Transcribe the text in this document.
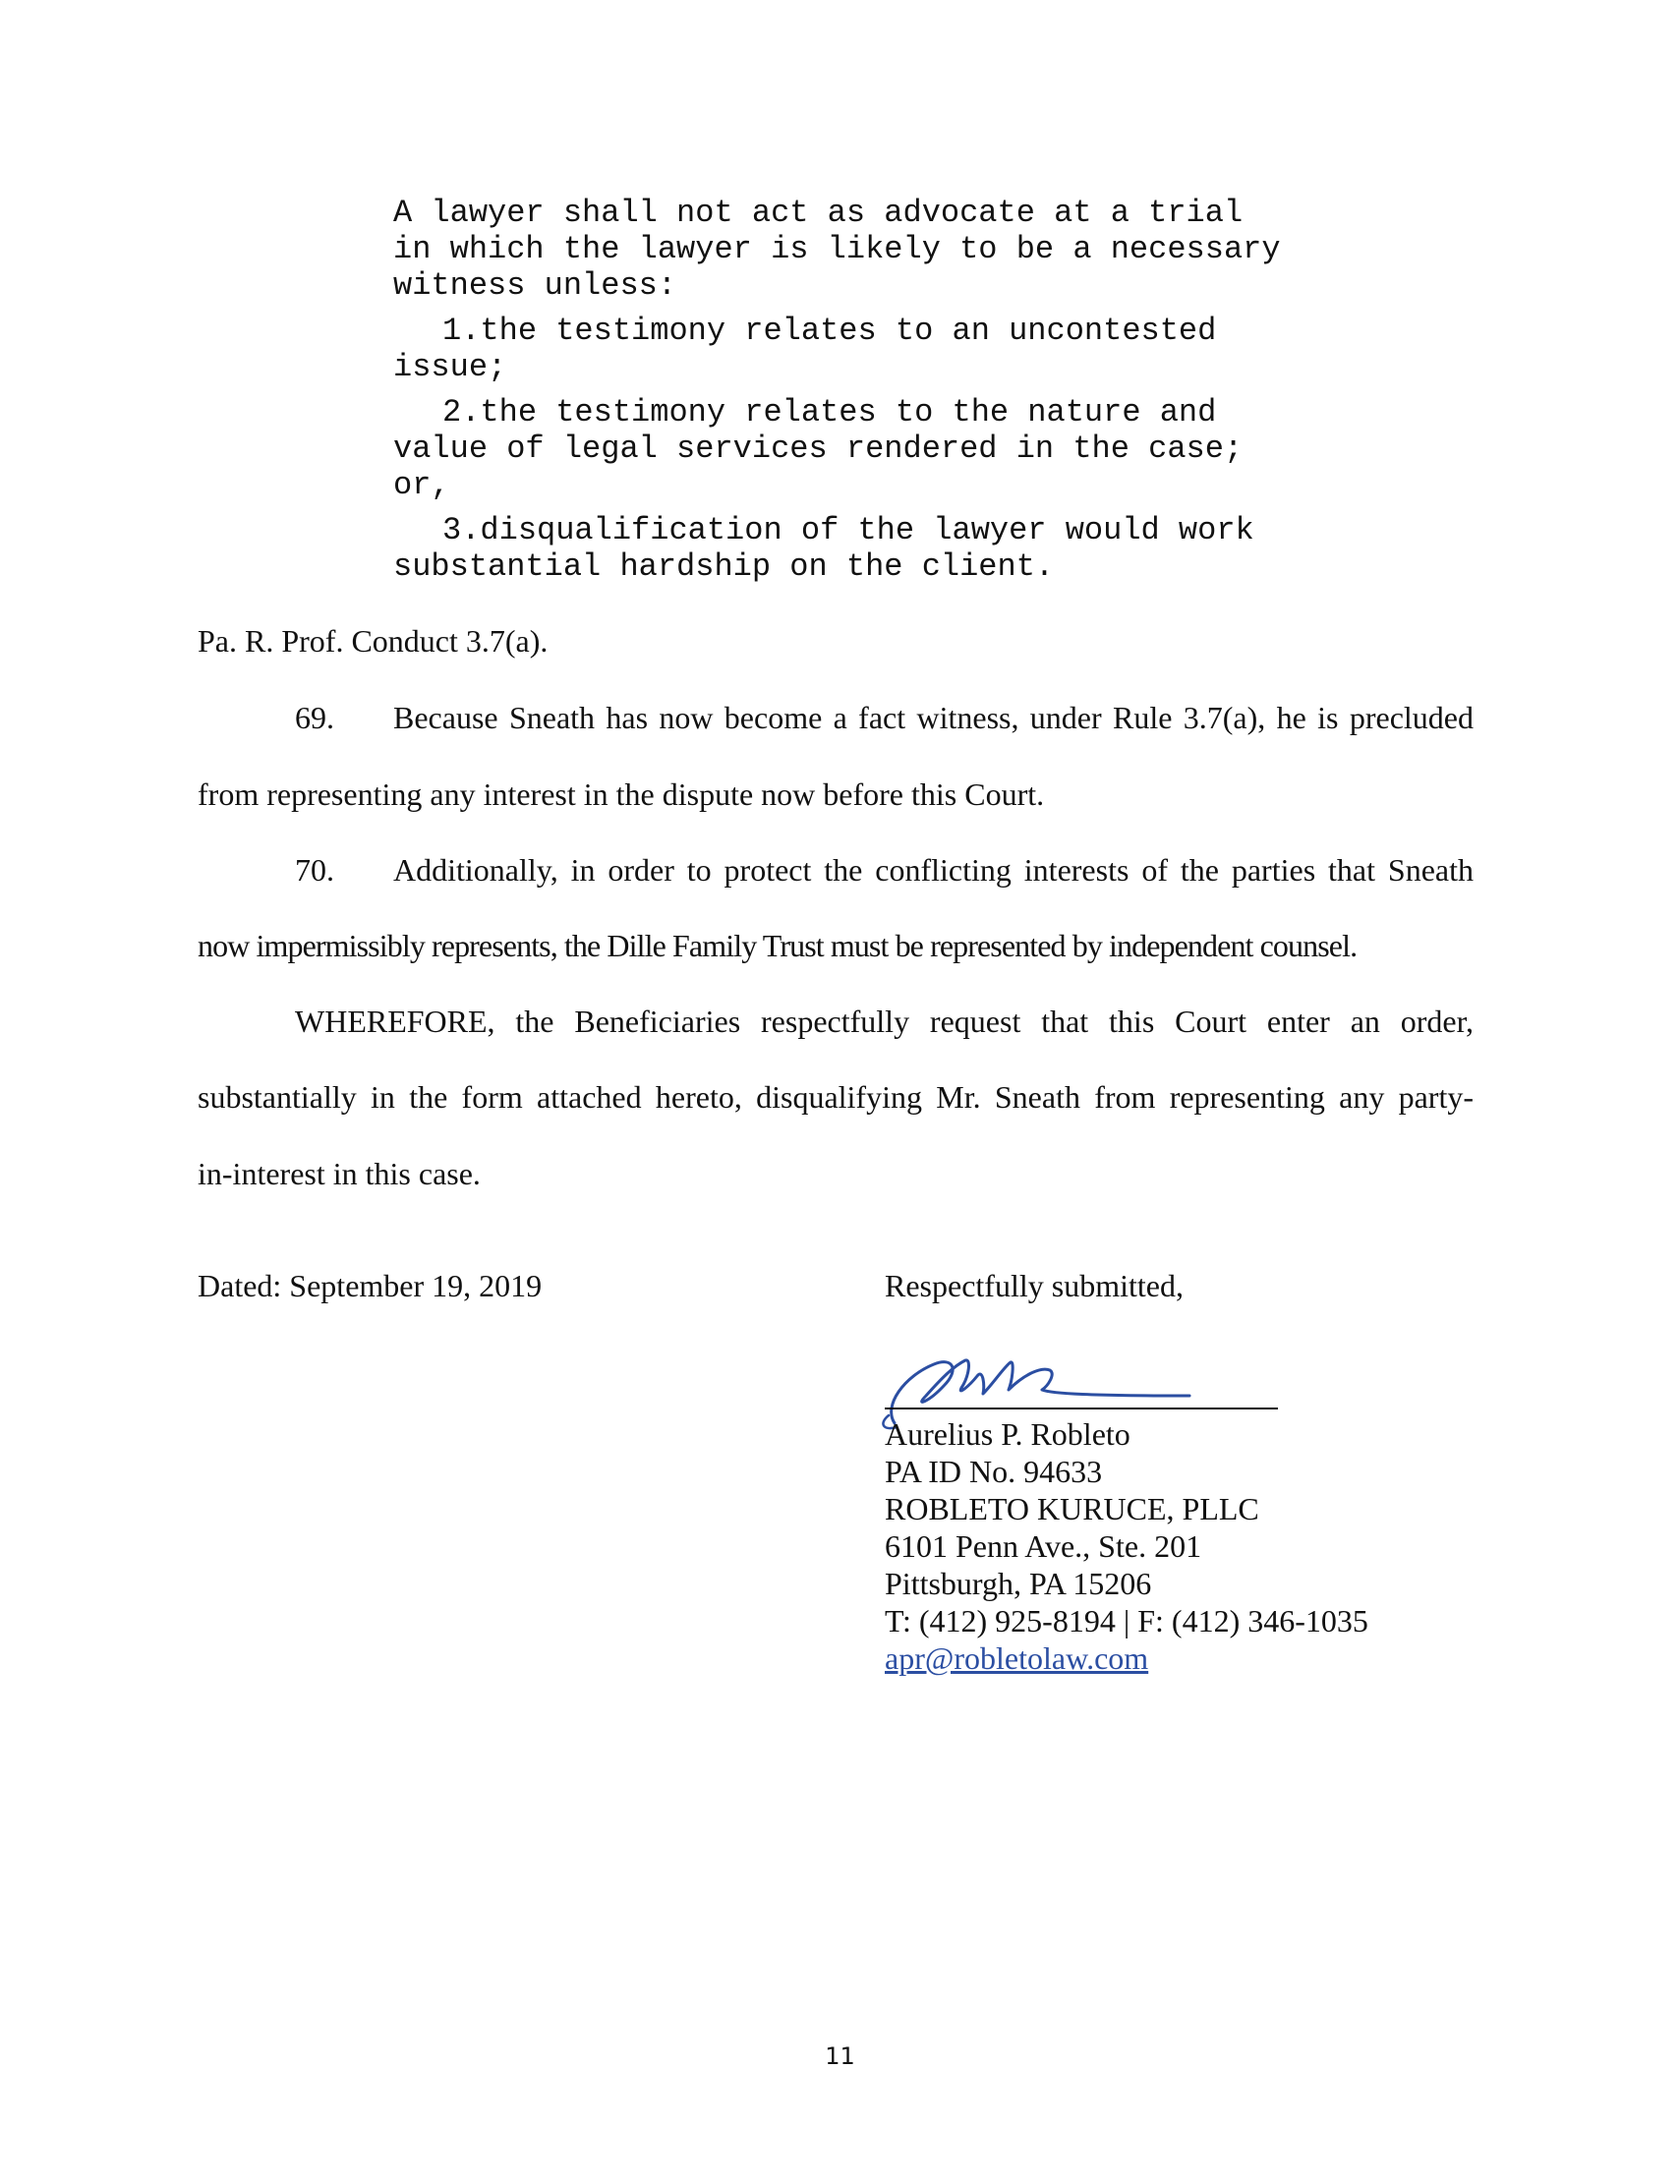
A lawyer shall not act as advocate at a trial
in which the lawyer is likely to be a necessary
witness unless:
1.the testimony relates to an uncontested
issue;
2.the testimony relates to the nature and
value of legal services rendered in the case;
or,
3.disqualification of the lawyer would work
substantial hardship on the client.
Pa. R. Prof. Conduct 3.7(a).
69. Because Sneath has now become a fact witness, under Rule 3.7(a), he is precluded
from representing any interest in the dispute now before this Court.
70. Additionally, in order to protect the conflicting interests of the parties that Sneath
now impermissibly represents, the Dille Family Trust must be represented by independent counsel.
WHEREFORE, the Beneficiaries respectfully request that this Court enter an order,
substantially in the form attached hereto, disqualifying Mr. Sneath from representing any party-
in-interest in this case.
Dated: September 19, 2019	Respectfully submitted,
Aurelius P. Robleto
PA ID No. 94633
ROBLETO KURUCE, PLLC
6101 Penn Ave., Ste. 201
Pittsburgh, PA 15206
T: (412) 925-8194 | F: (412) 346-1035
apr@robletolaw.com
11
